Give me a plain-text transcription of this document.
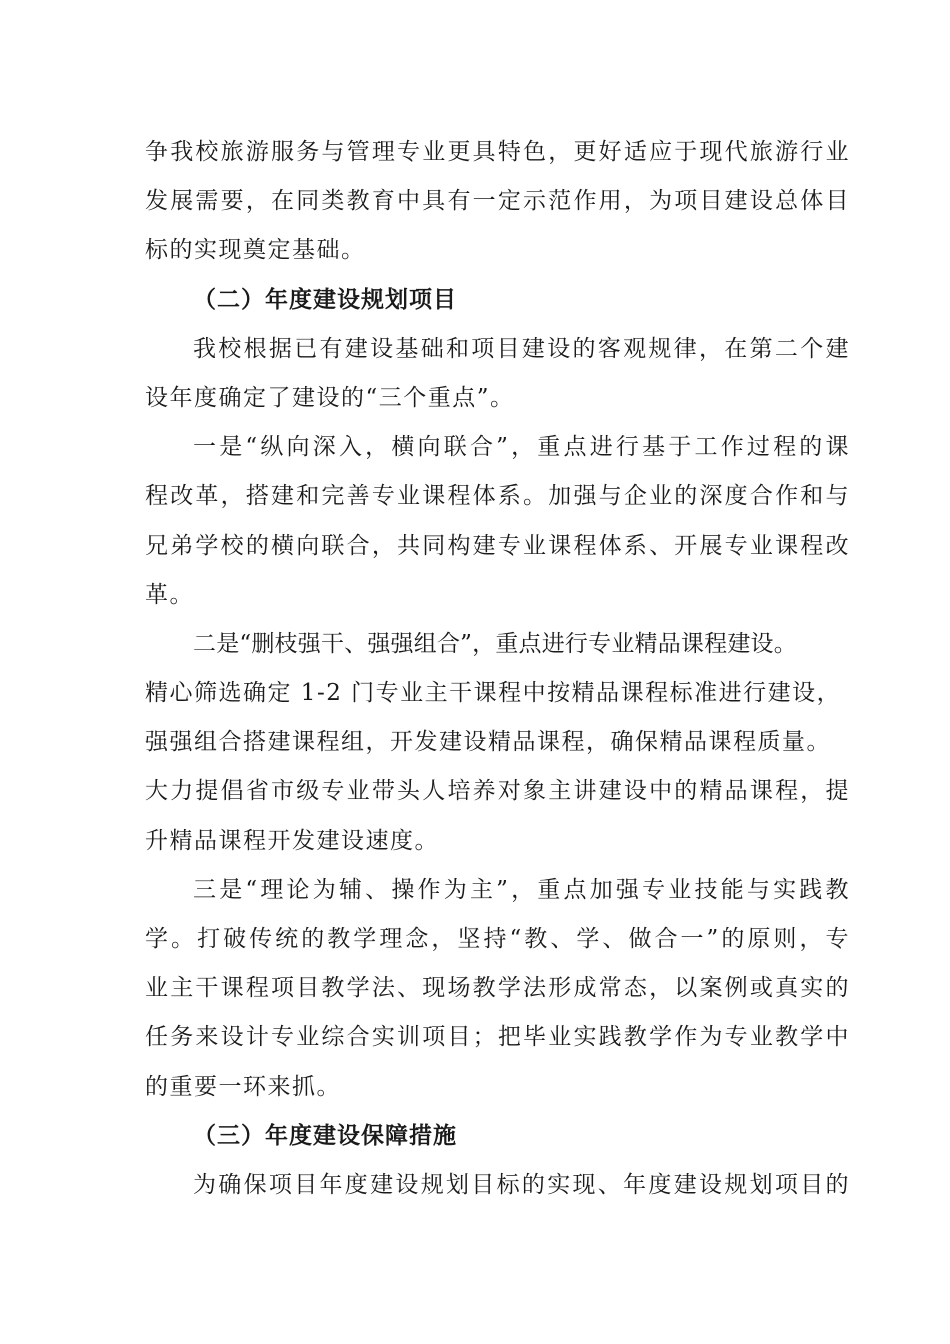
争我校旅游服务与管理专业更具特色，更好适应于现代旅游行业
发展需要，在同类教育中具有一定示范作用，为项目建设总体目
标的实现奠定基础。
（二）年度建设规划项目
我校根据已有建设基础和项目建设的客观规律，在第二个建
设年度确定了建设的“三个重点”。
一是“纵向深入，横向联合”，重点进行基于工作过程的课
程改革，搭建和完善专业课程体系。加强与企业的深度合作和与
兄弟学校的横向联合，共同构建专业课程体系、开展专业课程改
革。
二是“删枝强干、强强组合”，重点进行专业精品课程建设。
精心筛选确定 1-2 门专业主干课程中按精品课程标准进行建设，
强强组合搭建课程组，开发建设精品课程，确保精品课程质量。
大力提倡省市级专业带头人培养对象主讲建设中的精品课程，提
升精品课程开发建设速度。
三是“理论为辅、操作为主”，重点加强专业技能与实践教
学。打破传统的教学理念，坚持“教、学、做合一”的原则，专
业主干课程项目教学法、现场教学法形成常态，以案例或真实的
任务来设计专业综合实训项目；把毕业实践教学作为专业教学中
的重要一环来抓。
（三）年度建设保障措施
为确保项目年度建设规划目标的实现、年度建设规划项目的
